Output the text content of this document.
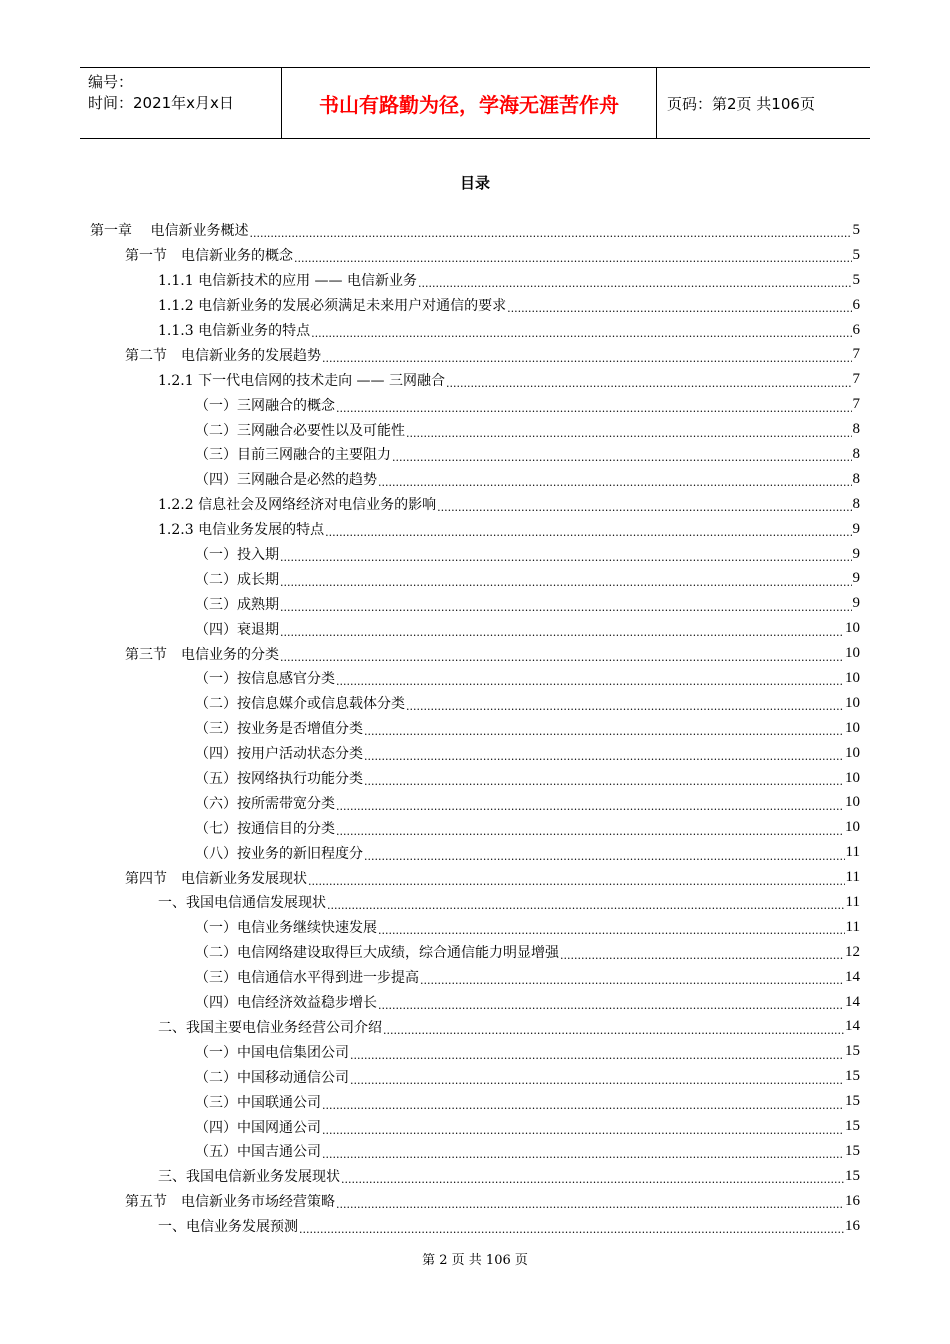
编号：
时间：2021年x月x日	书山有路勤为径，学海无涯苦作舟	页码：第2页 共106页
目录
第一章　 电信新业务概述 .....	5
第一节　电信新业务的概念 .....	5
1.1.1 电信新技术的应用 —— 电信新业务 .....	5
1.1.2 电信新业务的发展必须满足未来用户对通信的要求 .....	6
1.1.3 电信新业务的特点 .....	6
第二节　电信新业务的发展趋势 .....	7
1.2.1 下一代电信网的技术走向 —— 三网融合 .....	7
（一）三网融合的概念 .....	7
（二）三网融合必要性以及可能性 .....	8
（三）目前三网融合的主要阻力 .....	8
（四）三网融合是必然的趋势 .....	8
1.2.2 信息社会及网络经济对电信业务的影响 .....	8
1.2.3 电信业务发展的特点 .....	9
（一）投入期 .....	9
（二）成长期 .....	9
（三）成熟期 .....	9
（四）衰退期 .....	10
第三节　电信业务的分类 .....	10
（一）按信息感官分类 .....	10
（二）按信息媒介或信息载体分类 .....	10
（三）按业务是否增值分类 .....	10
（四）按用户活动状态分类 .....	10
（五）按网络执行功能分类 .....	10
（六）按所需带宽分类 .....	10
（七）按通信目的分类 .....	10
（八）按业务的新旧程度分 .....	11
第四节　电信新业务发展现状 .....	11
一、我国电信通信发展现状 .....	11
（一）电信业务继续快速发展 .....	11
（二）电信网络建设取得巨大成绩，综合通信能力明显增强 .....	12
（三）电信通信水平得到进一步提高 .....	14
（四）电信经济效益稳步增长 .....	14
二、我国主要电信业务经营公司介绍 .....	14
（一）中国电信集团公司 .....	15
（二）中国移动通信公司 .....	15
（三）中国联通公司 .....	15
（四）中国网通公司 .....	15
（五）中国吉通公司 .....	15
三、我国电信新业务发展现状 .....	15
第五节　电信新业务市场经营策略 .....	16
一、电信业务发展预测 .....	16
第 2 页 共 106 页
